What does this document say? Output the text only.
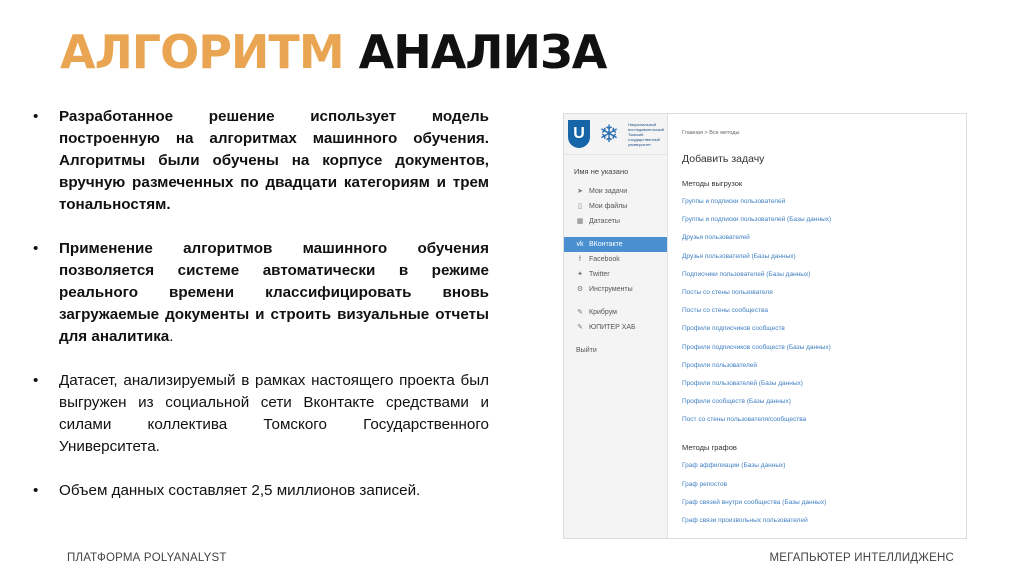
АЛГОРИТМ АНАЛИЗА
• Разработанное решение использует модель построенную на алгоритмах машинного обучения. Алгоритмы были обучены на корпусе документов, вручную размеченных по двадцати категориям и трем тональностям.
• Применение алгоритмов машинного обучения позволяется системе автоматически в режиме реального времени классифицировать вновь загружаемые документы и строить визуальные отчеты для аналитика.
• Датасет, анализируемый в рамках настоящего проекта был выгружен из социальной сети Вконтакте средствами и силами коллектива Томского Государственного Университета.
• Объем данных составляет 2,5 миллионов записей.
U ❄	Национальный исследовательский Томский государственный университет
Имя не указано
➤ Мои задачи
▯ Мои файлы
▦ Датасеты
vk ВКонтакте
f	Facebook
✦ Twitter
⚙ Инструменты
✎ Крибрум
✎ ЮПИТЕР ХАБ
Выйти
Главная > Все методы
Добавить задачу
Методы выгрузок
Группы и подписки пользователей
Группы и подписки пользователей (Базы данных)
Друзья пользователей
Друзья пользователей (Базы данных)
Подписчики пользователей (Базы данных)
Посты со стены пользователя
Посты со стены сообщества
Профили подписчиков сообществ
Профили подписчиков сообществ (Базы данных)
Профили пользователей
Профили пользователей (Базы данных)
Профили сообществ (Базы данных)
Пост со стены пользователя/сообщества
Методы графов
Граф аффилиации (Базы данных)
Граф репостов
Граф связей внутри сообщества (Базы данных)
Граф связи произвольных пользователей
ПЛАТФОРМА POLYANALYST	МЕГАПЬЮТЕР ИНТЕЛЛИДЖЕНС
